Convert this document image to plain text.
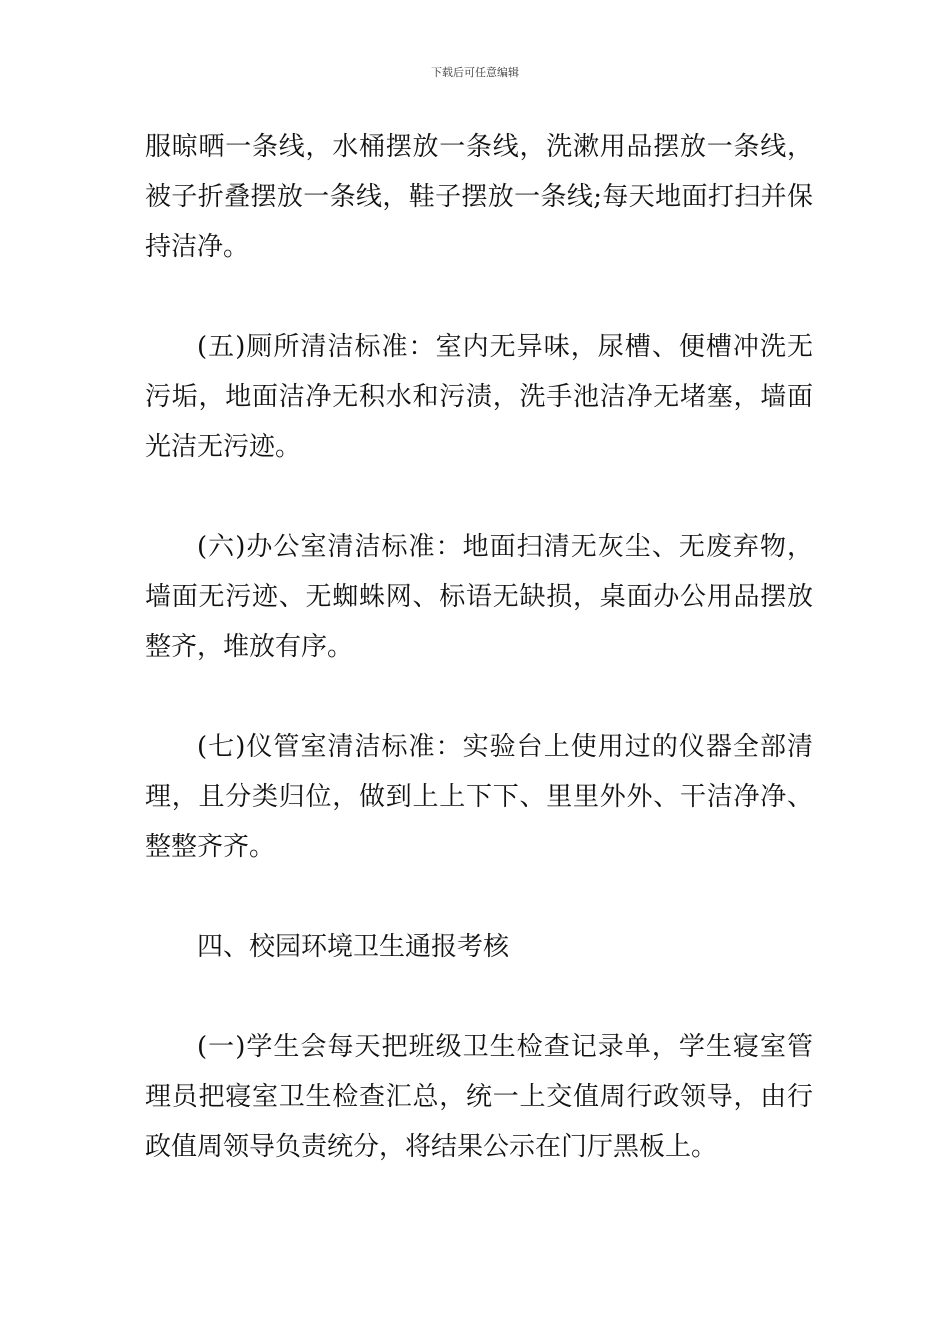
下载后可任意编辑

服晾晒一条线，水桶摆放一条线，洗漱用品摆放一条线，被子折叠摆放一条线，鞋子摆放一条线;每天地面打扫并保持洁净。

(五)厕所清洁标准：室内无异味，尿槽、便槽冲洗无污垢，地面洁净无积水和污渍，洗手池洁净无堵塞，墙面光洁无污迹。

(六)办公室清洁标准：地面扫清无灰尘、无废弃物，墙面无污迹、无蜘蛛网、标语无缺损，桌面办公用品摆放整齐，堆放有序。

(七)仪管室清洁标准：实验台上使用过的仪器全部清理，且分类归位，做到上上下下、里里外外、干洁净净、整整齐齐。

四、校园环境卫生通报考核

(一)学生会每天把班级卫生检查记录单，学生寝室管理员把寝室卫生检查汇总，统一上交值周行政领导，由行政值周领导负责统分，将结果公示在门厅黑板上。
